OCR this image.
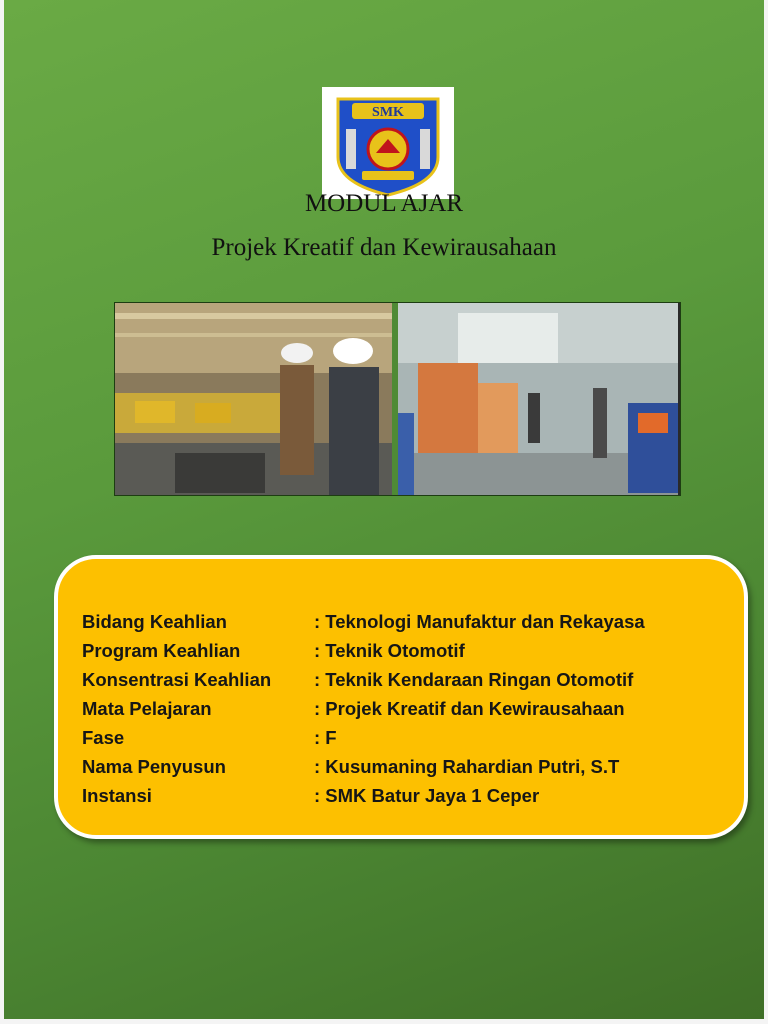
SMK
MODUL AJAR
Projek Kreatif dan Kewirausahaan
Bidang Keahlian	: Teknologi Manufaktur dan Rekayasa
Program Keahlian	: Teknik Otomotif
Konsentrasi Keahlian	: Teknik Kendaraan Ringan Otomotif
Mata Pelajaran	: Projek Kreatif dan Kewirausahaan
Fase	: F
Nama Penyusun	: Kusumaning Rahardian Putri, S.T
Instansi	: SMK Batur Jaya 1 Ceper
